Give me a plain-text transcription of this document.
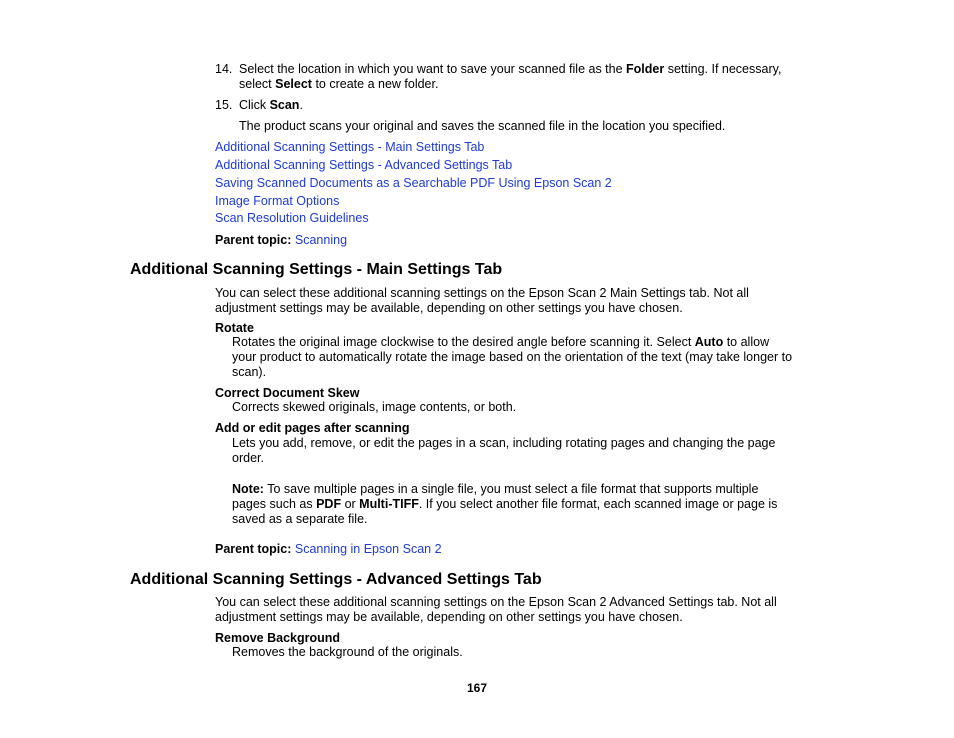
14. Select the location in which you want to save your scanned file as the Folder setting. If necessary,
select Select to create a new folder.
15. Click Scan.
The product scans your original and saves the scanned file in the location you specified.
Additional Scanning Settings - Main Settings Tab
Additional Scanning Settings - Advanced Settings Tab
Saving Scanned Documents as a Searchable PDF Using Epson Scan 2
Image Format Options
Scan Resolution Guidelines
Parent topic: Scanning
Additional Scanning Settings - Main Settings Tab
You can select these additional scanning settings on the Epson Scan 2 Main Settings tab. Not all
adjustment settings may be available, depending on other settings you have chosen.
Rotate
Rotates the original image clockwise to the desired angle before scanning it. Select Auto to allow
your product to automatically rotate the image based on the orientation of the text (may take longer to
scan).
Correct Document Skew
Corrects skewed originals, image contents, or both.
Add or edit pages after scanning
Lets you add, remove, or edit the pages in a scan, including rotating pages and changing the page
order.
Note: To save multiple pages in a single file, you must select a file format that supports multiple
pages such as PDF or Multi-TIFF. If you select another file format, each scanned image or page is
saved as a separate file.
Parent topic: Scanning in Epson Scan 2
Additional Scanning Settings - Advanced Settings Tab
You can select these additional scanning settings on the Epson Scan 2 Advanced Settings tab. Not all
adjustment settings may be available, depending on other settings you have chosen.
Remove Background
Removes the background of the originals.
167
